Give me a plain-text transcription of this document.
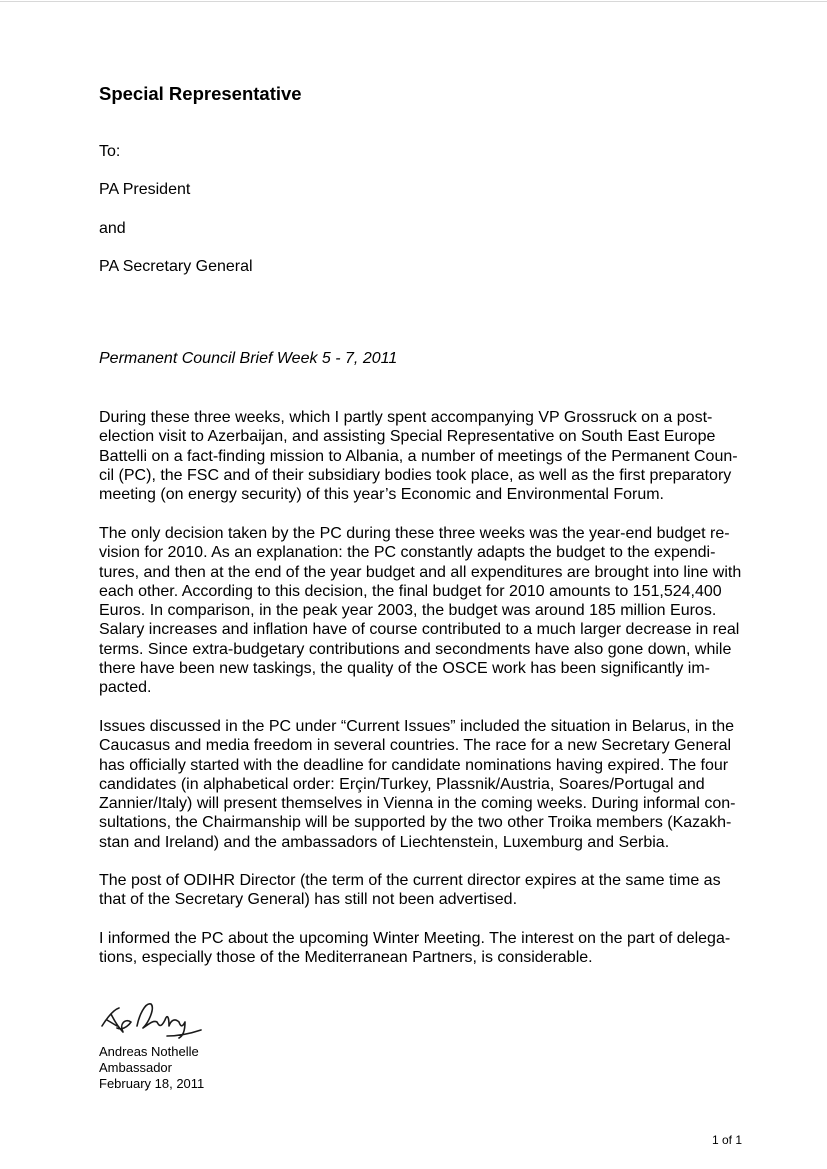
Special Representative

To:

PA President

and

PA Secretary General

Permanent Council Brief Week 5 - 7, 2011

During these three weeks, which I partly spent accompanying VP Grossruck on a post-
election visit to Azerbaijan, and assisting Special Representative on South East Europe
Battelli on a fact-finding mission to Albania, a number of meetings of the Permanent Coun-
cil (PC), the FSC and of their subsidiary bodies took place, as well as the first preparatory
meeting (on energy security) of this year’s Economic and Environmental Forum.
The only decision taken by the PC during these three weeks was the year-end budget re-
vision for 2010. As an explanation: the PC constantly adapts the budget to the expendi-
tures, and then at the end of the year budget and all expenditures are brought into line with
each other. According to this decision, the final budget for 2010 amounts to 151,524,400
Euros. In comparison, in the peak year 2003, the budget was around 185 million Euros.
Salary increases and inflation have of course contributed to a much larger decrease in real
terms. Since extra-budgetary contributions and secondments have also gone down, while
there have been new taskings, the quality of the OSCE work has been significantly im-
pacted.
Issues discussed in the PC under “Current Issues” included the situation in Belarus, in the
Caucasus and media freedom in several countries. The race for a new Secretary General
has officially started with the deadline for candidate nominations having expired. The four
candidates (in alphabetical order: Erçin/Turkey, Plassnik/Austria, Soares/Portugal and
Zannier/Italy) will present themselves in Vienna in the coming weeks. During informal con-
sultations, the Chairmanship will be supported by the two other Troika members (Kazakh-
stan and Ireland) and the ambassadors of Liechtenstein, Luxemburg and Serbia.
The post of ODIHR Director (the term of the current director expires at the same time as
that of the Secretary General) has still not been advertised.
I informed the PC about the upcoming Winter Meeting. The interest on the part of delega-
tions, especially those of the Mediterranean Partners, is considerable.

Andreas Nothelle

Ambassador

February 18, 2011

1 of 1
